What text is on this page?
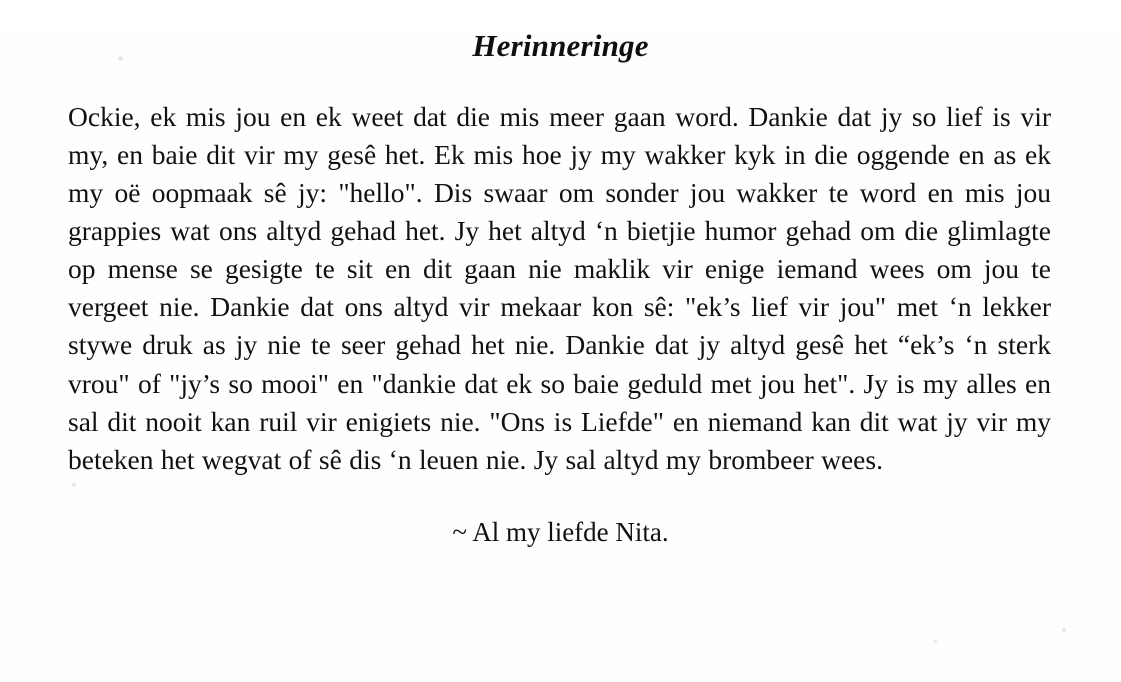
Herinneringe

Ockie, ek mis jou en ek weet dat die mis meer gaan word. Dankie dat jy so lief is vir my, en baie dit vir my gesê het. Ek mis hoe jy my wakker kyk in die oggende en as ek my oë oopmaak sê jy: "hello". Dis swaar om sonder jou wakker te word en mis jou grappies wat ons altyd gehad het. Jy het altyd ‘n bietjie humor gehad om die glimlagte op mense se gesigte te sit en dit gaan nie maklik vir enige iemand wees om jou te vergeet nie. Dankie dat ons altyd vir mekaar kon sê: "ek’s lief vir jou" met ‘n lekker stywe druk as jy nie te seer gehad het nie. Dankie dat jy altyd gesê het “ek’s ‘n sterk vrou" of "jy’s so mooi" en "dankie dat ek so baie geduld met jou het". Jy is my alles en sal dit nooit kan ruil vir enigiets nie. "Ons is Liefde" en niemand kan dit wat jy vir my beteken het wegvat of sê dis ‘n leuen nie. Jy sal altyd my brombeer wees.

~ Al my liefde Nita.
